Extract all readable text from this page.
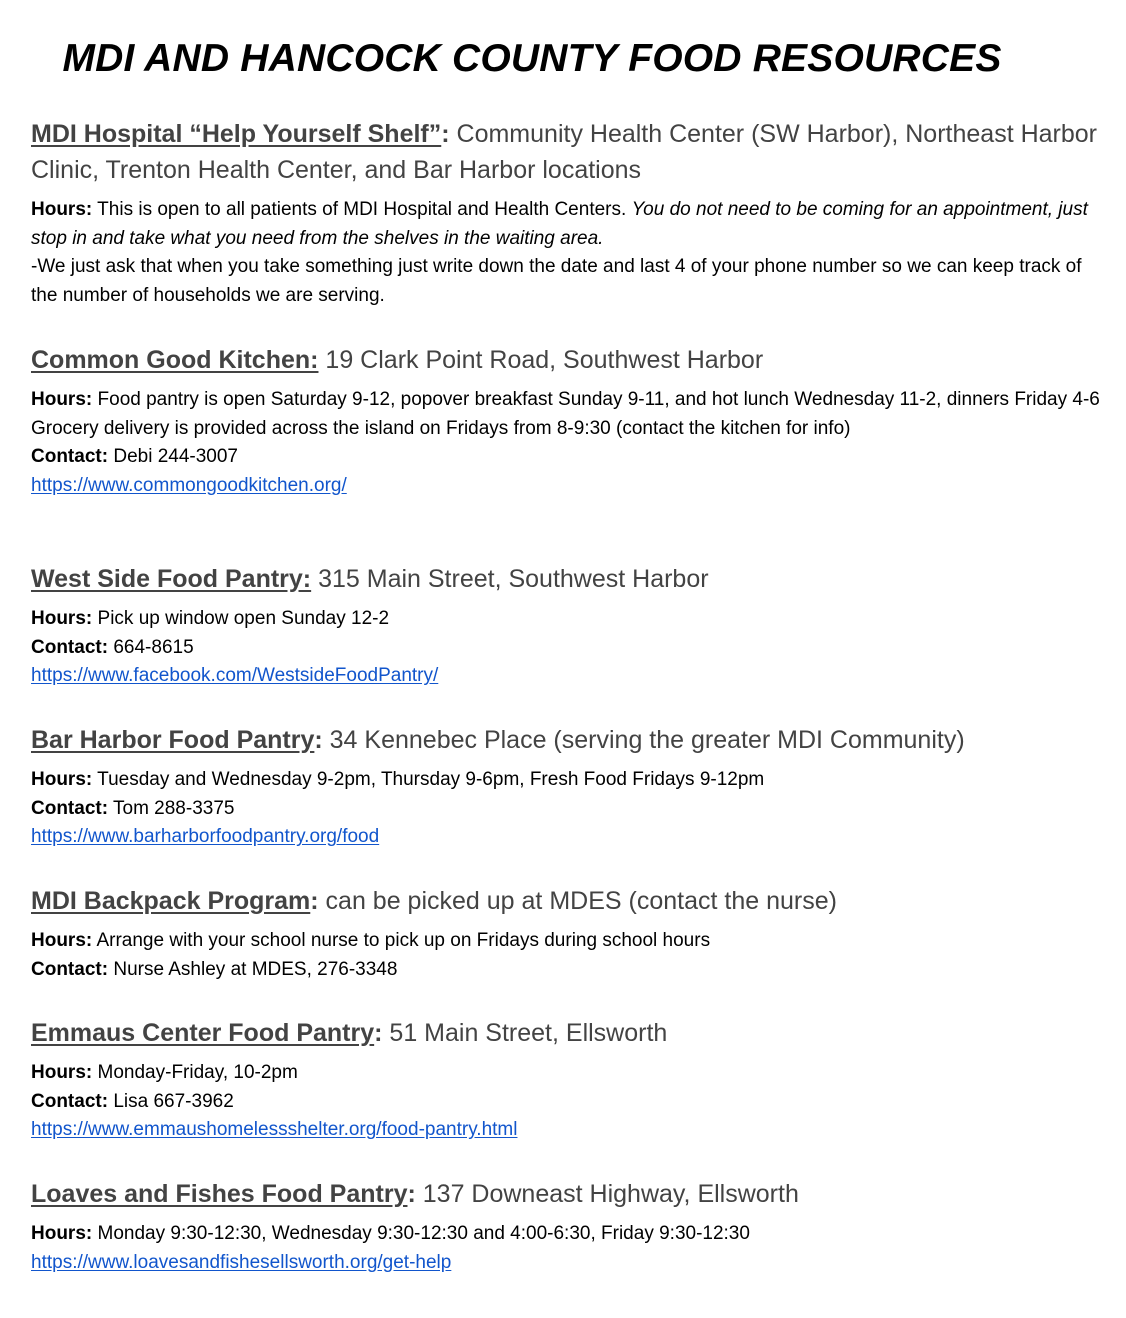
MDI AND HANCOCK COUNTY FOOD RESOURCES

MDI Hospital “Help Yourself Shelf”: Community Health Center (SW Harbor), Northeast Harbor Clinic, Trenton Health Center, and Bar Harbor locations

Hours: This is open to all patients of MDI Hospital and Health Centers. You do not need to be coming for an appointment, just stop in and take what you need from the shelves in the waiting area.

-We just ask that when you take something just write down the date and last 4 of your phone number so we can keep track of the number of households we are serving.

Common Good Kitchen: 19 Clark Point Road, Southwest Harbor

Hours: Food pantry is open Saturday 9-12, popover breakfast Sunday 9-11, and hot lunch Wednesday 11-2, dinners Friday 4-6

Grocery delivery is provided across the island on Fridays from 8-9:30 (contact the kitchen for info)

Contact: Debi 244-3007

https://www.commongoodkitchen.org/

West Side Food Pantry: 315 Main Street, Southwest Harbor

Hours: Pick up window open Sunday 12-2

Contact: 664-8615

https://www.facebook.com/WestsideFoodPantry/

Bar Harbor Food Pantry: 34 Kennebec Place (serving the greater MDI Community)

Hours: Tuesday and Wednesday 9-2pm, Thursday 9-6pm, Fresh Food Fridays 9-12pm

Contact: Tom 288-3375

https://www.barharborfoodpantry.org/food

MDI Backpack Program: can be picked up at MDES (contact the nurse)

Hours: Arrange with your school nurse to pick up on Fridays during school hours

Contact: Nurse Ashley at MDES, 276-3348

Emmaus Center Food Pantry: 51 Main Street, Ellsworth

Hours: Monday-Friday, 10-2pm

Contact: Lisa 667-3962

https://www.emmaushomelessshelter.org/food-pantry.html

Loaves and Fishes Food Pantry: 137 Downeast Highway, Ellsworth

Hours: Monday 9:30-12:30, Wednesday 9:30-12:30 and 4:00-6:30, Friday 9:30-12:30

https://www.loavesandfishesellsworth.org/get-help
